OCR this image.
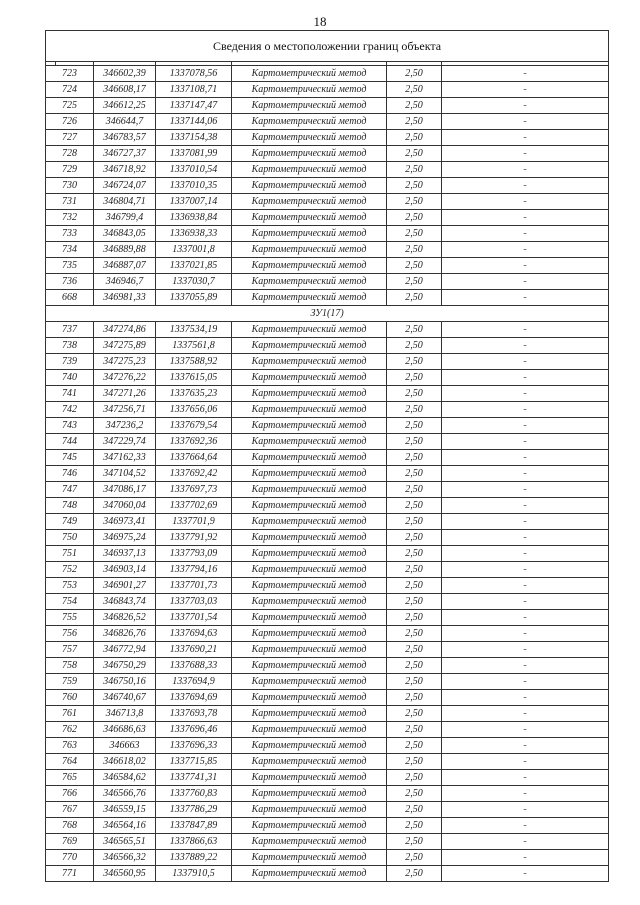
18
Сведения о местоположении границ объекта						

723		346602,39	1337078,56	Картометрический метод	2,50	-
724		346608,17	1337108,71	Картометрический метод	2,50	-
725		346612,25	1337147,47	Картометрический метод	2,50	-
726		346644,7	1337144,06	Картометрический метод	2,50	-
727		346783,57	1337154,38	Картометрический метод	2,50	-
728		346727,37	1337081,99	Картометрический метод	2,50	-
729		346718,92	1337010,54	Картометрический метод	2,50	-
730		346724,07	1337010,35	Картометрический метод	2,50	-
731		346804,71	1337007,14	Картометрический метод	2,50	-
732		346799,4	1336938,84	Картометрический метод	2,50	-
733		346843,05	1336938,33	Картометрический метод	2,50	-
734		346889,88	1337001,8	Картометрический метод	2,50	-
735		346887,07	1337021,85	Картометрический метод	2,50	-
736		346946,7	1337030,7	Картометрический метод	2,50	-
668		346981,33	1337055,89	Картометрический метод	2,50	-
ЗУ1(17)						
737		347274,86	1337534,19	Картометрический метод	2,50	-
738		347275,89	1337561,8	Картометрический метод	2,50	-
739		347275,23	1337588,92	Картометрический метод	2,50	-
740		347276,22	1337615,05	Картометрический метод	2,50	-
741		347271,26	1337635,23	Картометрический метод	2,50	-
742		347256,71	1337656,06	Картометрический метод	2,50	-
743		347236,2	1337679,54	Картометрический метод	2,50	-
744		347229,74	1337692,36	Картометрический метод	2,50	-
745		347162,33	1337664,64	Картометрический метод	2,50	-
746		347104,52	1337692,42	Картометрический метод	2,50	-
747		347086,17	1337697,73	Картометрический метод	2,50	-
748		347060,04	1337702,69	Картометрический метод	2,50	-
749		346973,41	1337701,9	Картометрический метод	2,50	-
750		346975,24	1337791,92	Картометрический метод	2,50	-
751		346937,13	1337793,09	Картометрический метод	2,50	-
752		346903,14	1337794,16	Картометрический метод	2,50	-
753		346901,27	1337701,73	Картометрический метод	2,50	-
754		346843,74	1337703,03	Картометрический метод	2,50	-
755		346826,52	1337701,54	Картометрический метод	2,50	-
756		346826,76	1337694,63	Картометрический метод	2,50	-
757		346772,94	1337690,21	Картометрический метод	2,50	-
758		346750,29	1337688,33	Картометрический метод	2,50	-
759		346750,16	1337694,9	Картометрический метод	2,50	-
760		346740,67	1337694,69	Картометрический метод	2,50	-
761		346713,8	1337693,78	Картометрический метод	2,50	-
762		346686,63	1337696,46	Картометрический метод	2,50	-
763		346663	1337696,33	Картометрический метод	2,50	-
764		346618,02	1337715,85	Картометрический метод	2,50	-
765		346584,62	1337741,31	Картометрический метод	2,50	-
766		346566,76	1337760,83	Картометрический метод	2,50	-
767		346559,15	1337786,29	Картометрический метод	2,50	-
768		346564,16	1337847,89	Картометрический метод	2,50	-
769		346565,51	1337866,63	Картометрический метод	2,50	-
770		346566,32	1337889,22	Картометрический метод	2,50	-
771		346560,95	1337910,5	Картометрический метод	2,50	-
